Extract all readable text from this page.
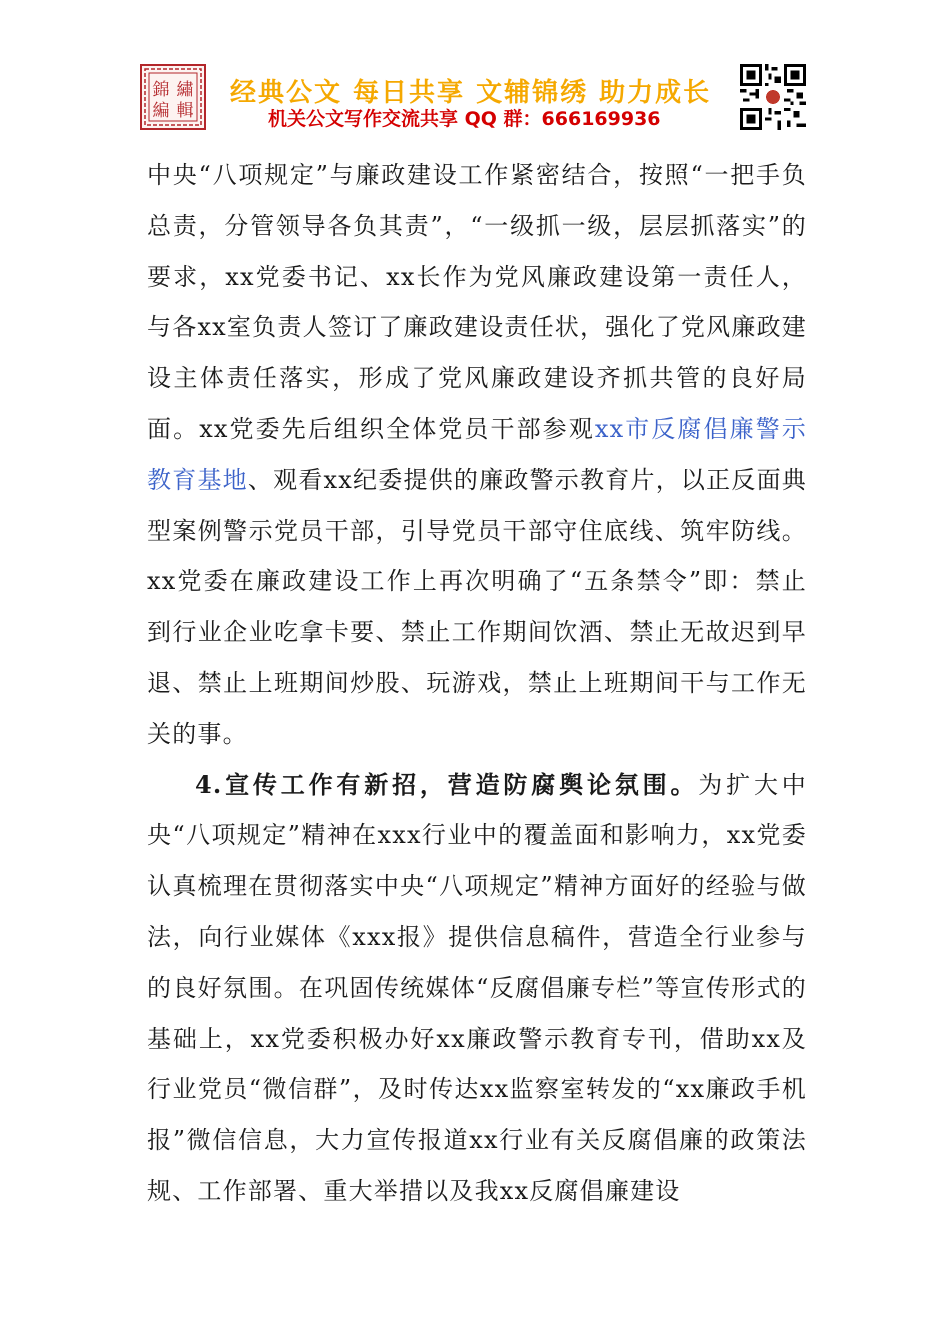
錦 繡
編 輯
经典公文 每日共享 文辅锦绣 助力成长
机关公文写作交流共享 QQ 群：666169936

中央“八项规定”与廉政建设工作紧密结合，按照“一把手负总责，分管领导各负其责”，“一级抓一级，层层抓落实”的要求，xx党委书记、xx长作为党风廉政建设第一责任人，与各xx室负责人签订了廉政建设责任状，强化了党风廉政建设主体责任落实，形成了党风廉政建设齐抓共管的良好局面。xx党委先后组织全体党员干部参观xx市反腐倡廉警示教育基地、观看xx纪委提供的廉政警示教育片，以正反面典型案例警示党员干部，引导党员干部守住底线、筑牢防线。xx党委在廉政建设工作上再次明确了“五条禁令”即：禁止到行业企业吃拿卡要、禁止工作期间饮酒、禁止无故迟到早退、禁止上班期间炒股、玩游戏，禁止上班期间干与工作无关的事。

4.宣传工作有新招，营造防腐舆论氛围。为扩大中央“八项规定”精神在xxx行业中的覆盖面和影响力，xx党委认真梳理在贯彻落实中央“八项规定”精神方面好的经验与做法，向行业媒体《xxx报》提供信息稿件，营造全行业参与的良好氛围。在巩固传统媒体“反腐倡廉专栏”等宣传形式的基础上，xx党委积极办好xx廉政警示教育专刊，借助xx及行业党员“微信群”，及时传达xx监察室转发的“xx廉政手机报”微信信息，大力宣传报道xx行业有关反腐倡廉的政策法规、工作部署、重大举措以及我xx反腐倡廉建设
